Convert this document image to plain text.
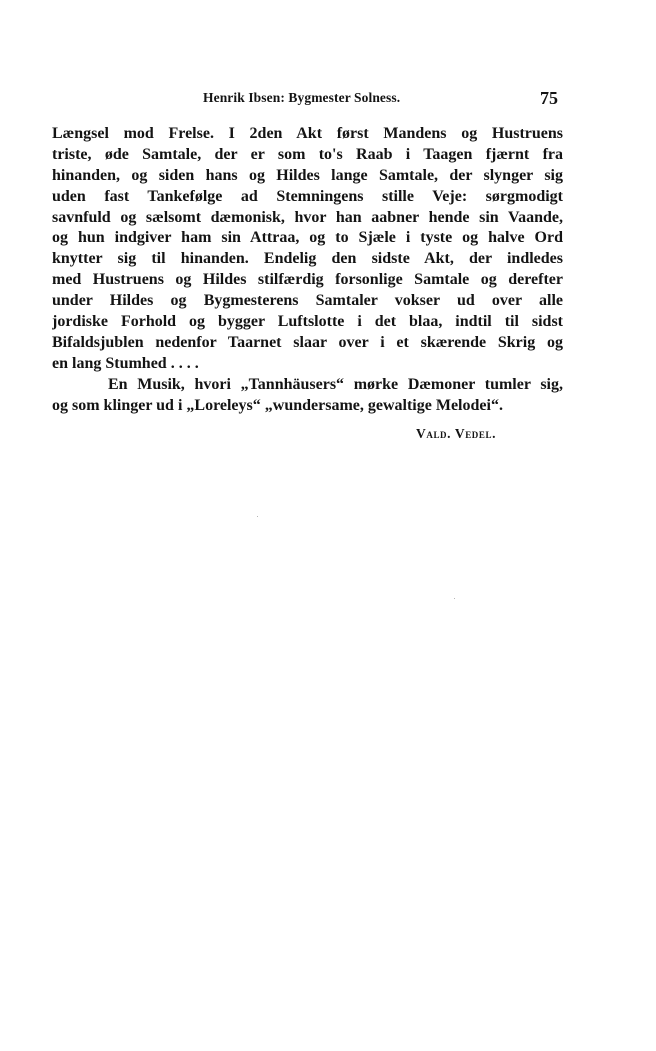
Henrik Ibsen: Bygmester Solness.	75
Længsel mod Frelse. I 2den Akt først Mandens og Hustruens
triste, øde Samtale, der er som to's Raab i Taagen fjærnt fra
hinanden, og siden hans og Hildes lange Samtale, der slynger sig
uden fast Tankefølge ad Stemningens stille Veje: sørgmodigt
savnfuld og sælsomt dæmonisk, hvor han aabner hende sin Vaande,
og hun indgiver ham sin Attraa, og to Sjæle i tyste og halve Ord
knytter sig til hinanden. Endelig den sidste Akt, der indledes
med Hustruens og Hildes stilfærdig forsonlige Samtale og derefter
under Hildes og Bygmesterens Samtaler vokser ud over alle
jordiske Forhold og bygger Luftslotte i det blaa, indtil til sidst
Bifaldsjublen nedenfor Taarnet slaar over i et skærende Skrig og
en lang Stumhed . . . .
En Musik, hvori „Tannhäusers“ mørke Dæmoner tumler sig,
og som klinger ud i „Loreleys“ „wundersame, gewaltige Melodei“.
Vald. Vedel.
